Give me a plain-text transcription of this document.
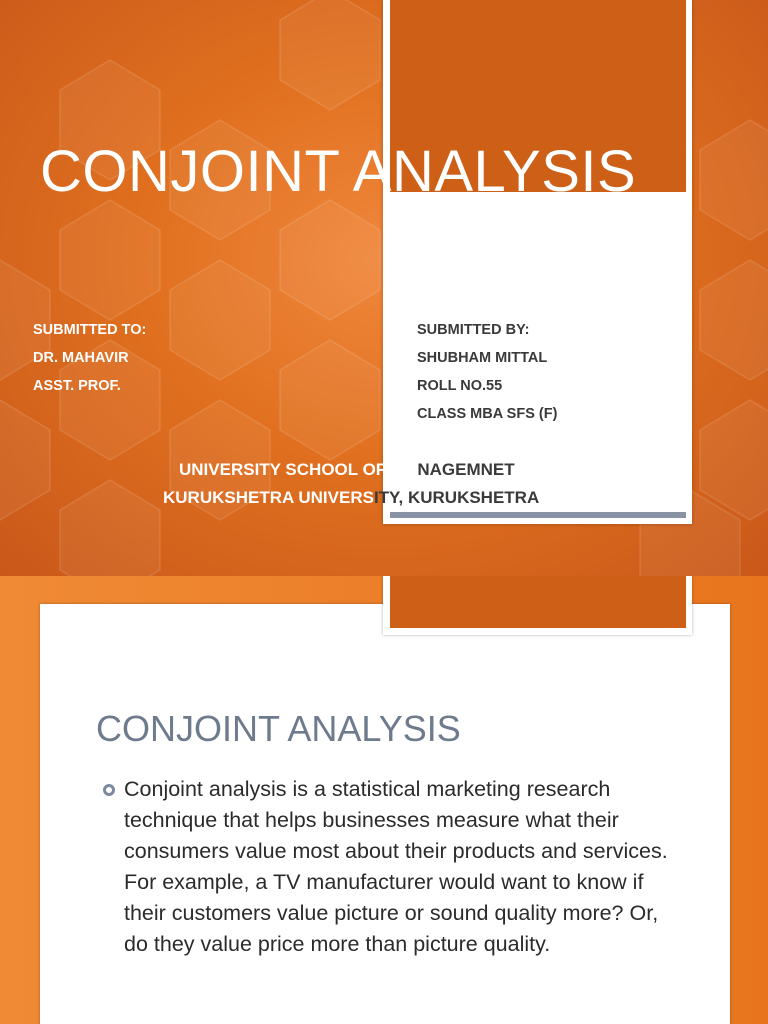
CONJOINT ANALYSIS
SUBMITTED TO:
DR. MAHAVIR
ASST. PROF.
SUBMITTED BY:
SHUBHAM MITTAL
ROLL NO.55
CLASS MBA SFS (F)
UNIVERSITY SCHOOL OF MANAGEMNET
KURUKSHETRA UNIVERSITY, KURUKSHETRA
CONJOINT ANALYSIS
Conjoint analysis is a statistical marketing research technique that helps businesses measure what their consumers value most about their products and services. For example, a TV manufacturer would want to know if their customers value picture or sound quality more? Or, do they value price more than picture quality.
